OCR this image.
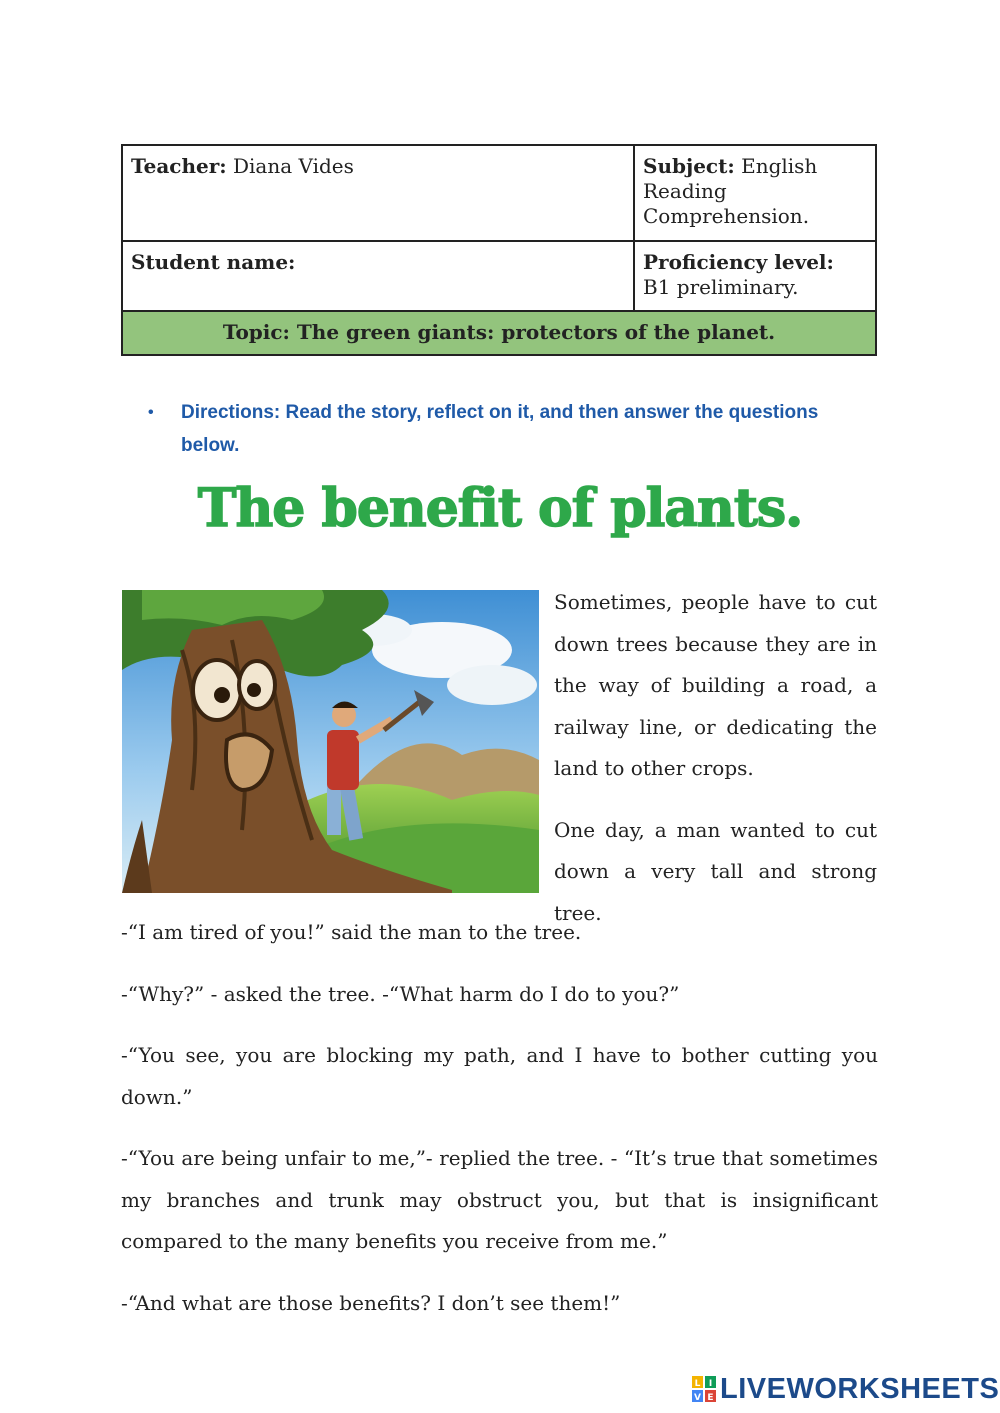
Teacher: Diana Vides	Subject: English Reading Comprehension.
Student name:	Proficiency level: B1 preliminary.
Topic: The green giants: protectors of the planet.	
• Directions: Read the story, reflect on it, and then answer the questions below.
The benefit of plants.

Sometimes, people have to cut down trees because they are in the way of building a road, a railway line, or dedicating the land to other crops.

One day, a man wanted to cut down a very tall and strong tree.

-“I am tired of you!” said the man to the tree.

-“Why?” - asked the tree. -“What harm do I do to you?”

-“You see, you are blocking my path, and I have to bother cutting you down.”

-“You are being unfair to me,”- replied the tree. - “It’s true that sometimes my branches and trunk may obstruct you, but that is insignificant compared to the many benefits you receive from me.”

-“And what are those benefits? I don’t see them!”

L I
V E LIVEWORKSHEETS
